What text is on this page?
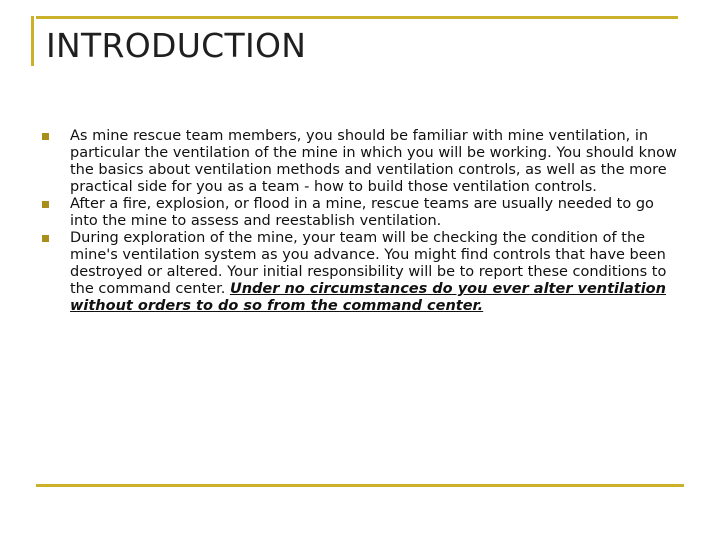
INTRODUCTION
As mine rescue team members, you should be familiar with mine ventilation, in particular the ventilation of the mine in which you will be working. You should know the basics about ventilation methods and ventilation controls, as well as the more practical side for you as a team - how to build those ventilation controls.
After a fire, explosion, or flood in a mine, rescue teams are usually needed to go into the mine to assess and reestablish ventilation.
During exploration of the mine, your team will be checking the condition of the mine's ventilation system as you advance. You might find controls that have been destroyed or altered. Your initial responsibility will be to report these conditions to the command center. Under no circumstances do you ever alter ventilation without orders to do so from the command center.
